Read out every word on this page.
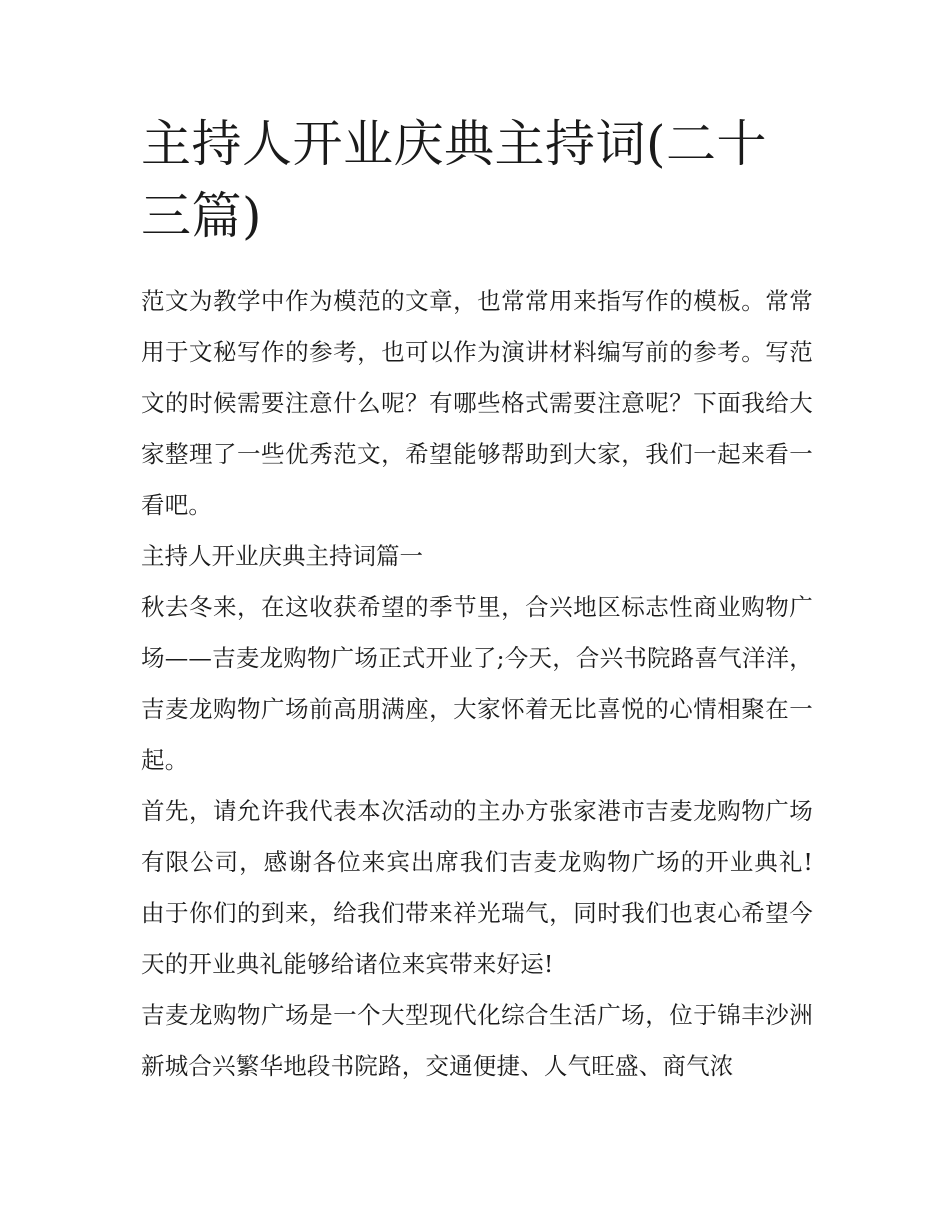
主持人开业庆典主持词(二十三篇)

范文为教学中作为模范的文章，也常常用来指写作的模板。常常用于文秘写作的参考，也可以作为演讲材料编写前的参考。写范文的时候需要注意什么呢？有哪些格式需要注意呢？下面我给大家整理了一些优秀范文，希望能够帮助到大家，我们一起来看一看吧。

主持人开业庆典主持词篇一

秋去冬来，在这收获希望的季节里，合兴地区标志性商业购物广场——吉麦龙购物广场正式开业了;今天，合兴书院路喜气洋洋，吉麦龙购物广场前高朋满座，大家怀着无比喜悦的心情相聚在一起。

首先，请允许我代表本次活动的主办方张家港市吉麦龙购物广场有限公司，感谢各位来宾出席我们吉麦龙购物广场的开业典礼!由于你们的到来，给我们带来祥光瑞气，同时我们也衷心希望今天的开业典礼能够给诸位来宾带来好运!

吉麦龙购物广场是一个大型现代化综合生活广场，位于锦丰沙洲新城合兴繁华地段书院路，交通便捷、人气旺盛、商气浓
